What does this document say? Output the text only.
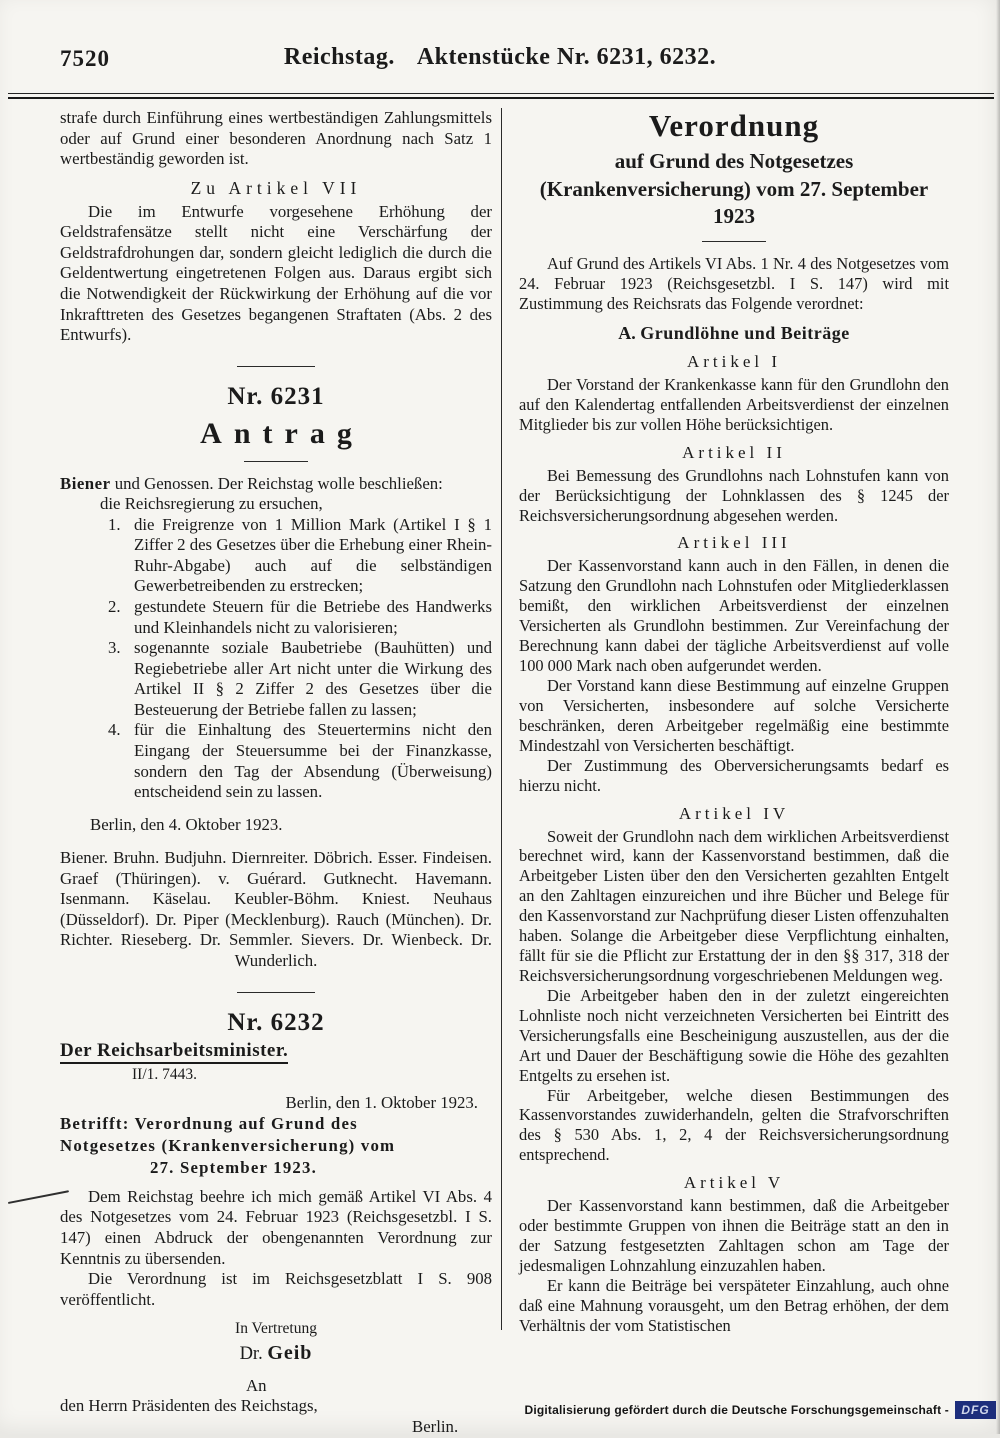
7520	Reichstag. Aktenstücke Nr. 6231, 6232.

strafe durch Einführung eines wertbeständigen Zahlungsmittels oder auf Grund einer besonderen Anordnung nach Satz 1 wertbeständig geworden ist.

Zu Artikel VII

Die im Entwurfe vorgesehene Erhöhung der Geldstrafensätze stellt nicht eine Verschärfung der Geldstrafdrohungen dar, sondern gleicht lediglich die durch die Geldentwertung eingetretenen Folgen aus. Daraus ergibt sich die Notwendigkeit der Rückwirkung der Erhöhung auf die vor Inkrafttreten des Gesetzes begangenen Straftaten (Abs. 2 des Entwurfs).

Nr. 6231
Antrag

Biener und Genossen. Der Reichstag wolle beschließen:

die Reichsregierung zu ersuchen,

1. die Freigrenze von 1 Million Mark (Artikel I § 1 Ziffer 2 des Gesetzes über die Erhebung einer Rhein-Ruhr-Abgabe) auch auf die selbständigen Gewerbetreibenden zu erstrecken;
2. gestundete Steuern für die Betriebe des Handwerks und Kleinhandels nicht zu valorisieren;
3. sogenannte soziale Baubetriebe (Bauhütten) und Regiebetriebe aller Art nicht unter die Wirkung des Artikel II § 2 Ziffer 2 des Gesetzes über die Besteuerung der Betriebe fallen zu lassen;
4. für die Einhaltung des Steuertermins nicht den Eingang der Steuersumme bei der Finanzkasse, sondern den Tag der Absendung (Überweisung) entscheidend sein zu lassen.

Berlin, den 4. Oktober 1923.

Biener. Bruhn. Budjuhn. Diernreiter. Döbrich. Esser. Findeisen. Graef (Thüringen). v. Guérard. Gutknecht. Havemann. Isenmann. Käselau. Keubler-Böhm. Kniest. Neuhaus (Düsseldorf). Dr. Piper (Mecklenburg). Rauch (München). Dr. Richter. Rieseberg. Dr. Semmler. Sievers. Dr. Wienbeck. Dr. Wunderlich.

Nr. 6232

Der Reichsarbeitsminister.

II/1. 7443.

Berlin, den 1. Oktober 1923.

Betrifft: Verordnung auf Grund des

Notgesetzes (Krankenversicherung) vom

27. September 1923.

Dem Reichstag beehre ich mich gemäß Artikel VI Abs. 4 des Notgesetzes vom 24. Februar 1923 (Reichsgesetzbl. I S. 147) einen Abdruck der obengenannten Verordnung zur Kenntnis zu übersenden.

Die Verordnung ist im Reichsgesetzblatt I S. 908 veröffentlicht.

In Vertretung

Dr. Geib

An

den Herrn Präsidenten des Reichstags,

Berlin.

Verordnung
auf Grund des Notgesetzes (Krankenversicherung) vom 27. September 1923

Auf Grund des Artikels VI Abs. 1 Nr. 4 des Notgesetzes vom 24. Februar 1923 (Reichsgesetzbl. I S. 147) wird mit Zustimmung des Reichsrats das Folgende verordnet:

A. Grundlöhne und Beiträge
Artikel I

Der Vorstand der Krankenkasse kann für den Grundlohn den auf den Kalendertag entfallenden Arbeitsverdienst der einzelnen Mitglieder bis zur vollen Höhe berücksichtigen.

Artikel II

Bei Bemessung des Grundlohns nach Lohnstufen kann von der Berücksichtigung der Lohnklassen des § 1245 der Reichsversicherungsordnung abgesehen werden.

Artikel III

Der Kassenvorstand kann auch in den Fällen, in denen die Satzung den Grundlohn nach Lohnstufen oder Mitgliederklassen bemißt, den wirklichen Arbeitsverdienst der einzelnen Versicherten als Grundlohn bestimmen. Zur Vereinfachung der Berechnung kann dabei der tägliche Arbeitsverdienst auf volle 100 000 Mark nach oben aufgerundet werden.

Der Vorstand kann diese Bestimmung auf einzelne Gruppen von Versicherten, insbesondere auf solche Versicherte beschränken, deren Arbeitgeber regelmäßig eine bestimmte Mindestzahl von Versicherten beschäftigt.

Der Zustimmung des Oberversicherungsamts bedarf es hierzu nicht.

Artikel IV

Soweit der Grundlohn nach dem wirklichen Arbeitsverdienst berechnet wird, kann der Kassenvorstand bestimmen, daß die Arbeitgeber Listen über den den Versicherten gezahlten Entgelt an den Zahltagen einzureichen und ihre Bücher und Belege für den Kassenvorstand zur Nachprüfung dieser Listen offenzuhalten haben. Solange die Arbeitgeber diese Verpflichtung einhalten, fällt für sie die Pflicht zur Erstattung der in den §§ 317, 318 der Reichsversicherungsordnung vorgeschriebenen Meldungen weg.

Die Arbeitgeber haben den in der zuletzt eingereichten Lohnliste noch nicht verzeichneten Versicherten bei Eintritt des Versicherungsfalls eine Bescheinigung auszustellen, aus der die Art und Dauer der Beschäftigung sowie die Höhe des gezahlten Entgelts zu ersehen ist.

Für Arbeitgeber, welche diesen Bestimmungen des Kassenvorstandes zuwiderhandeln, gelten die Strafvorschriften des § 530 Abs. 1, 2, 4 der Reichsversicherungsordnung entsprechend.

Artikel V

Der Kassenvorstand kann bestimmen, daß die Arbeitgeber oder bestimmte Gruppen von ihnen die Beiträge statt an den in der Satzung festgesetzten Zahltagen schon am Tage der jedesmaligen Lohnzahlung einzuzahlen haben.

Er kann die Beiträge bei verspäteter Einzahlung, auch ohne daß eine Mahnung vorausgeht, um den Betrag erhöhen, der dem Verhältnis der vom Statistischen

Digitalisierung gefördert durch die Deutsche Forschungsgemeinschaft -	DFG
